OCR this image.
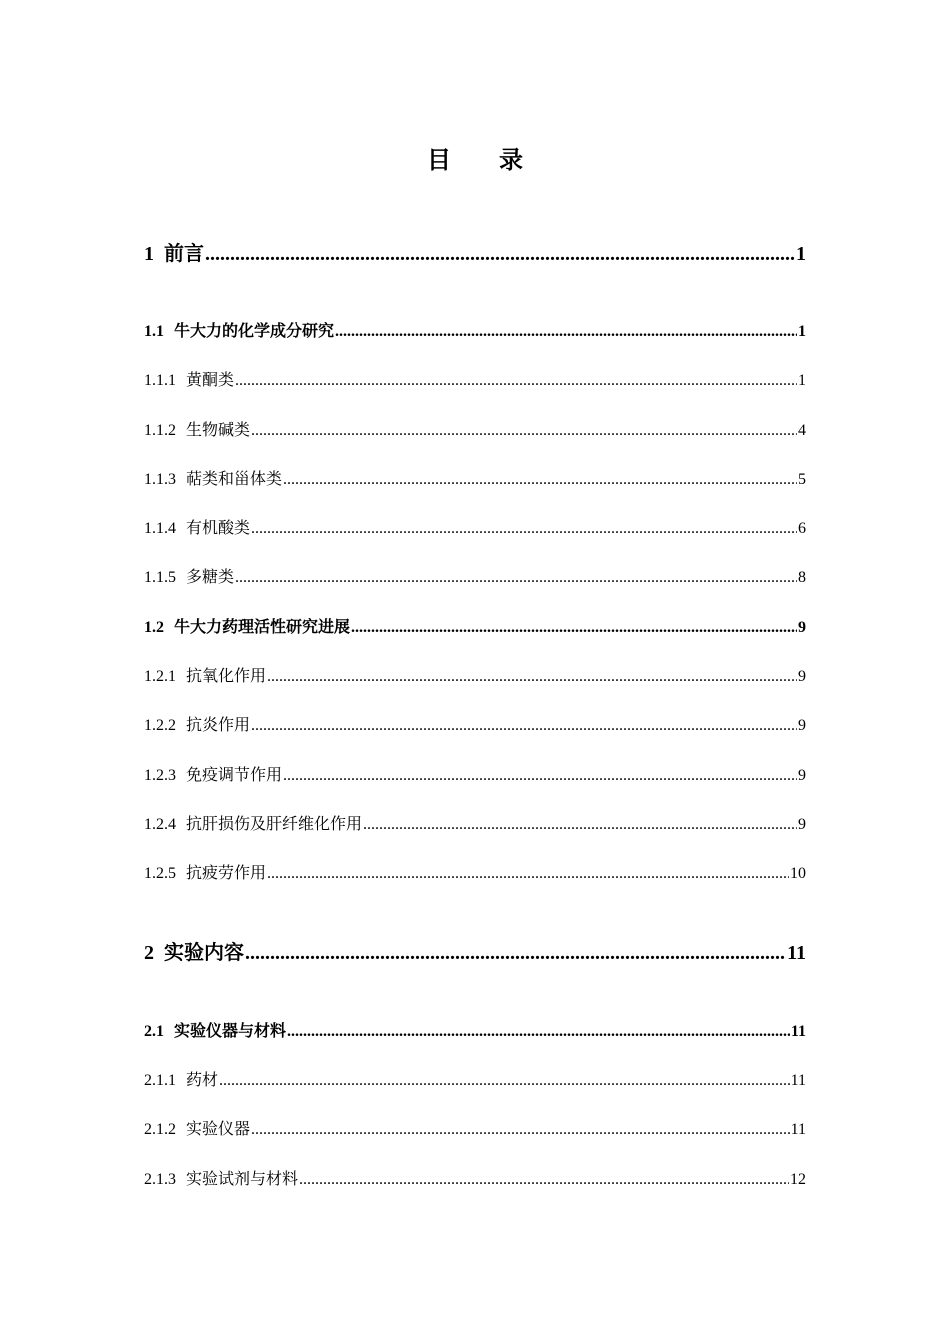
目录
1 前言 .....	1
1.1 牛大力的化学成分研究 .....	1
1.1.1 黄酮类 .....	1
1.1.2 生物碱类 .....	4
1.1.3 萜类和甾体类 .....	5
1.1.4 有机酸类 .....	6
1.1.5 多糖类 .....	8
1.2 牛大力药理活性研究进展 .....	9
1.2.1 抗氧化作用 .....	9
1.2.2 抗炎作用 .....	9
1.2.3 免疫调节作用 .....	9
1.2.4 抗肝损伤及肝纤维化作用 .....	9
1.2.5 抗疲劳作用 .....	10
2 实验内容 .....	11
2.1 实验仪器与材料 .....	11
2.1.1 药材 .....	11
2.1.2 实验仪器 .....	11
2.1.3 实验试剂与材料 .....	12
